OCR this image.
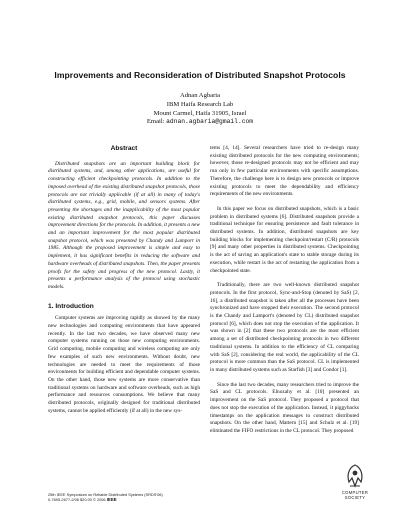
Improvements and Reconsideration of Distributed Snapshot Protocols
Adnan Agbaria
IBM Haifa Research Lab
Mount Carmel, Haifa 31905, Israel
Email: adnan.agbaria@gmail.com
Abstract

Distributed snapshots are an important building block for distributed systems, and, among other applications, are useful for constructing efficient checkpointing protocols. In addition to the imposed overhead of the existing distributed snapshot protocols, those protocols are not trivially applicable (if at all) in many of today's distributed systems, e.g., grid, mobile, and sensors systems. After presenting the shortages and the inapplicability of the most popular existing distributed snapshot protocols, this paper discusses improvement directions for the protocols. In addition, it presents a new and an important improvement for the most popular distributed snapshot protocol, which was presented by Chandy and Lamport in 1985. Although the proposed improvement is simple and easy to implement, it has significant benefits in reducing the software and hardware overheads of distributed snapshots. Then, the paper presents proofs for the safety and progress of the new protocol. Lastly, it presents a performance analysis of the protocol using stochastic models.

1. Introduction

Computer systems are improving rapidly as showed by the many new technologies and computing environments that have appeared recently. In the last two decades, we have observed many new computer systems running on those new computing environments. Grid computing, mobile computing and wireless computing are only few examples of such new environments. Without doubt, new technologies are needed to meet the requirements of those environments for building efficient and dependable computer systems. On the other hand, those new systems are more conservative than traditional systems on hardware and software overheads, such as high performance and resources consumptions. We believe that many distributed protocols, originally designed for traditional distributed systems, cannot be applied efficiently (if at all) in the new sys-

tems [4, 14]. Several researchers have tried to re-design many existing distributed protocols for the new computing environments; however, those re-designed protocols may not be efficient and may run only in few particular environments with specific assumptions. Therefore, the challenge here is to design new protocols or improve existing protocols to meet the dependability and efficiency requirements of the new environments.

In this paper we focus on distributed snapshots, which is a basic problem in distributed systems [6]. Distributed snapshots provide a traditional technique for ensuring persistence and fault tolerance in distributed systems. In addition, distributed snapshots are key building blocks for implementing checkpoint/restart (C/R) protocols [9] and many other properties in distributed systems. Checkpointing is the act of saving an application's state to stable storage during its execution, while restart is the act of restarting the application from a checkpointed state.

Traditionally, there are two well-known distributed snapshot protocols. In the first protocol, Sync-and-Stop (denoted by SaS) [2, 16], a distributed snapshot is taken after all the processes have been synchronized and have stopped their execution. The second protocol is the Chandy and Lamport's (denoted by CL) distributed snapshot protocol [6], which does not stop the execution of the application. It was shown in [2] that these two protocols are the most efficient among a set of distributed checkpointing protocols in two different traditional systems. In addition to the efficiency of CL comparing with SaS [2], considering the real world, the applicability of the CL protocol is more common than the SaS protocol. CL is implemented in many distributed systems such as Starfish [3] and Condor [1].

Since the last two decades, many researchers tried to improve the SaS and CL protocols. Elnozahy et al. [10] presented an improvement on the SaS protocol. They proposed a protocol that does not stop the execution of the application. Instead, it piggybacks timestamps on the application messages to construct distributed snapshots. On the other hand, Mattern [15] and Schulz et al. [19] eliminated the FIFO restrictions in the CL protocol. They proposed

25th IEEE Symposium on Reliable Distributed Systems (SRDS'06)
0-7695-2677-2/06 $20.00 © 2006 IEEE
COMPUTER
SOCIETY
